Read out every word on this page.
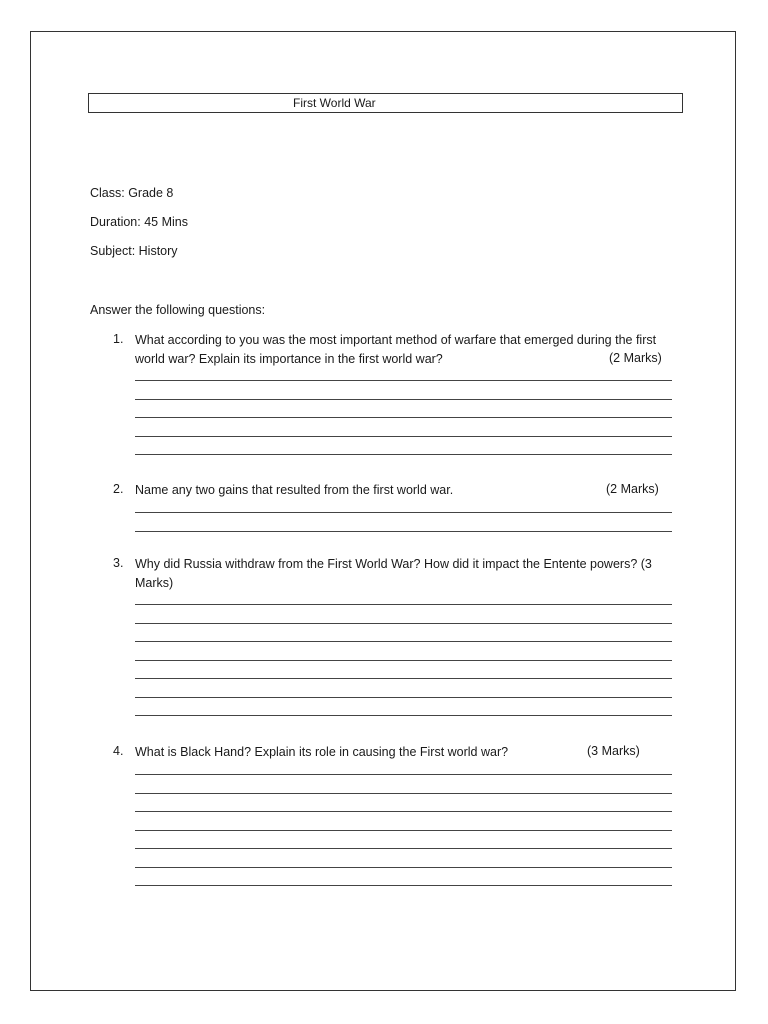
First World War
Class: Grade 8
Duration: 45 Mins
Subject: History
Answer the following questions:
1. What according to you was the most important method of warfare that emerged during the first
world war? Explain its importance in the first world war?	(2 Marks)
2. Name any two gains that resulted from the first world war.	(2 Marks)
3. Why did Russia withdraw from the First World War? How did it impact the Entente powers? (3
Marks)
4. What is Black Hand? Explain its role in causing the First world war?	(3 Marks)
